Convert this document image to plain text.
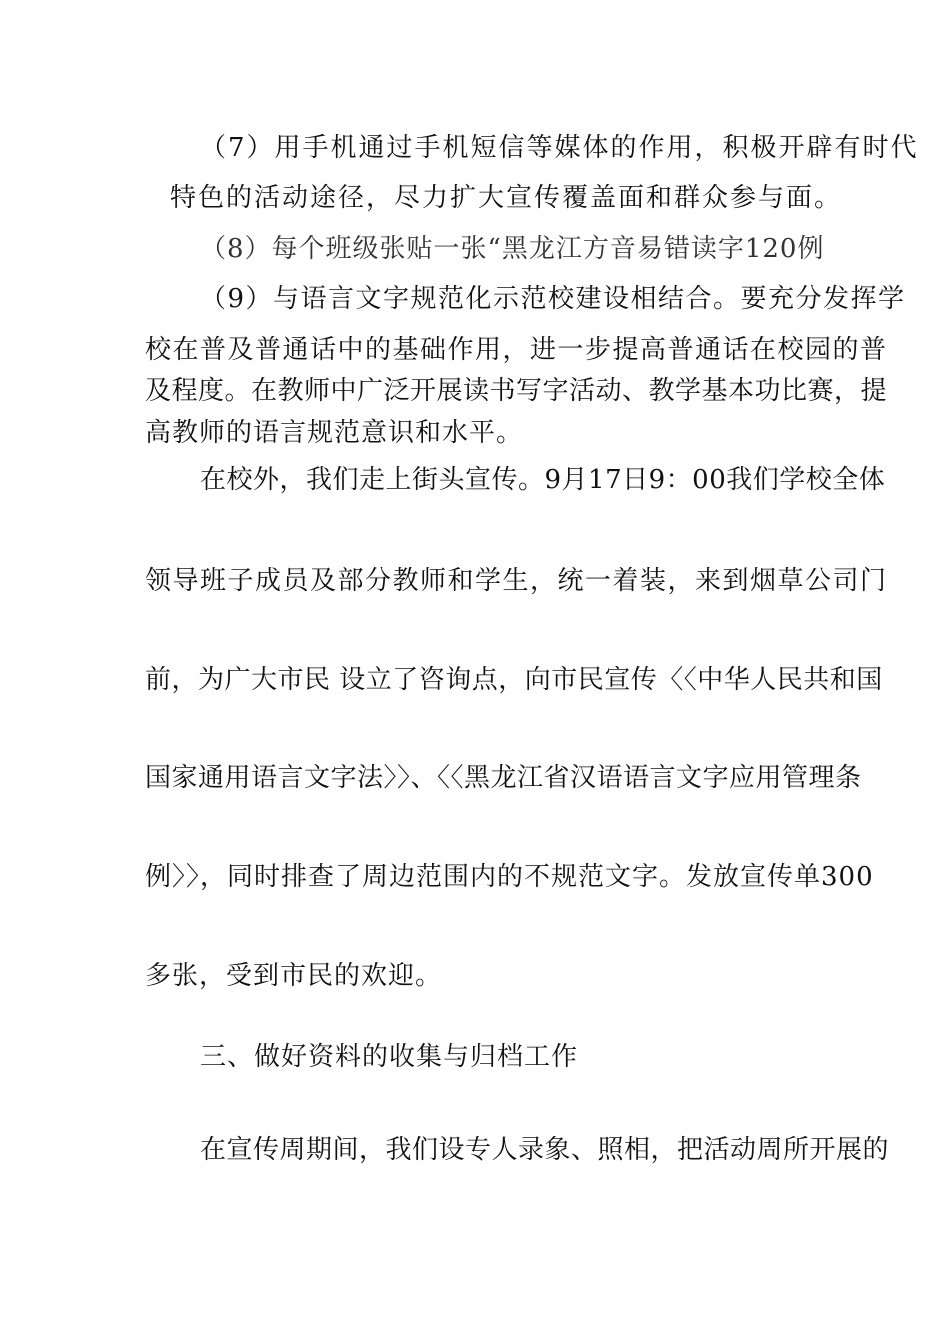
（7）用手机通过手机短信等媒体的作用，积极开辟有时代
特色的活动途径，尽力扩大宣传覆盖面和群众参与面。
（8）每个班级张贴一张“黑龙江方音易错读字120例
（9）与语言文字规范化示范校建设相结合。要充分发挥学
校在普及普通话中的基础作用，进一步提高普通话在校园的普
及程度。在教师中广泛开展读书写字活动、教学基本功比赛，提
高教师的语言规范意识和水平。
在校外，我们走上街头宣传。9月17日9：00我们学校全体
领导班子成员及部分教师和学生，统一着装，来到烟草公司门
前，为广大市民 设立了咨询点，向市民宣传〈〈中华人民共和国
国家通用语言文字法〉〉、〈〈黑龙江省汉语语言文字应用管理条
例〉〉，同时排查了周边范围内的不规范文字。发放宣传单300
多张，受到市民的欢迎。
三、做好资料的收集与归档工作
在宣传周期间，我们设专人录象、照相，把活动周所开展的
